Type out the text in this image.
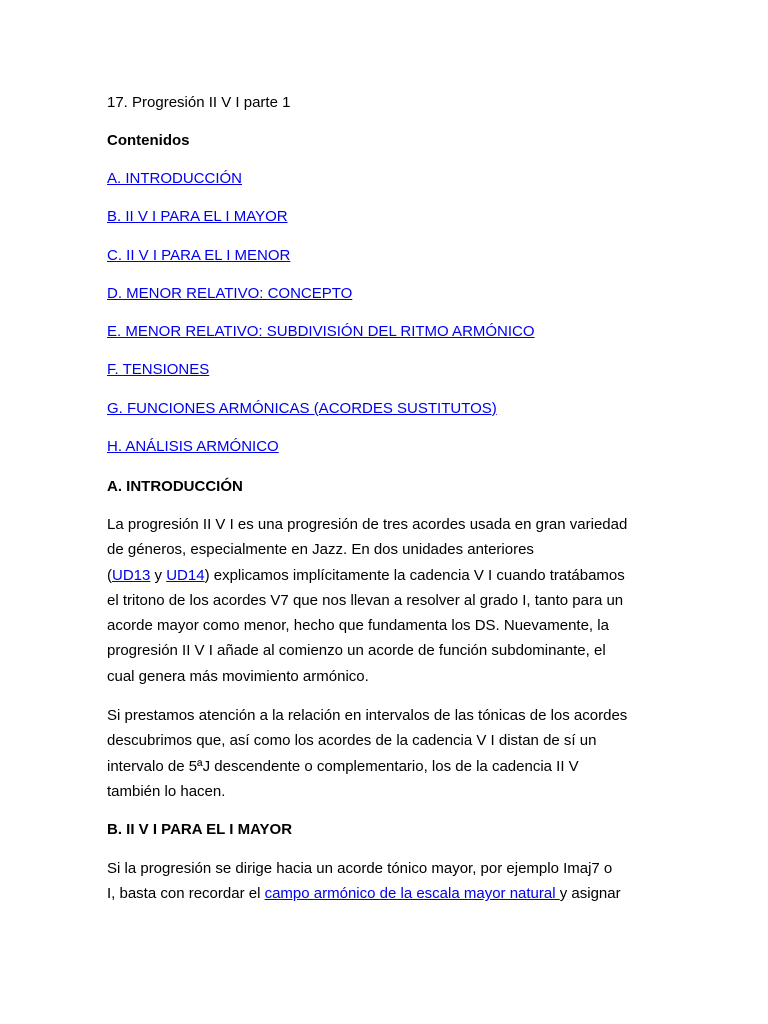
17. Progresión II V I parte 1
Contenidos
A. INTRODUCCIÓN
B. II V I PARA EL I MAYOR
C. II V I PARA EL I MENOR
D. MENOR RELATIVO: CONCEPTO
E. MENOR RELATIVO: SUBDIVISIÓN DEL RITMO ARMÓNICO
F. TENSIONES
G. FUNCIONES ARMÓNICAS (ACORDES SUSTITUTOS)
H. ANÁLISIS ARMÓNICO
A. INTRODUCCIÓN

La progresión II V I es una progresión de tres acordes usada en gran variedad
de géneros, especialmente en Jazz. En dos unidades anteriores
(UD13 y UD14) explicamos implícitamente la cadencia V I cuando tratábamos
el tritono de los acordes V7 que nos llevan a resolver al grado I, tanto para un
acorde mayor como menor, hecho que fundamenta los DS. Nuevamente, la
progresión II V I añade al comienzo un acorde de función subdominante, el
cual genera más movimiento armónico.

Si prestamos atención a la relación en intervalos de las tónicas de los acordes
descubrimos que, así como los acordes de la cadencia V I distan de sí un
intervalo de 5ªJ descendente o complementario, los de la cadencia II V
también lo hacen.

B. II V I PARA EL I MAYOR

Si la progresión se dirige hacia un acorde tónico mayor, por ejemplo Imaj7 o
I, basta con recordar el campo armónico de la escala mayor natural y asignar
